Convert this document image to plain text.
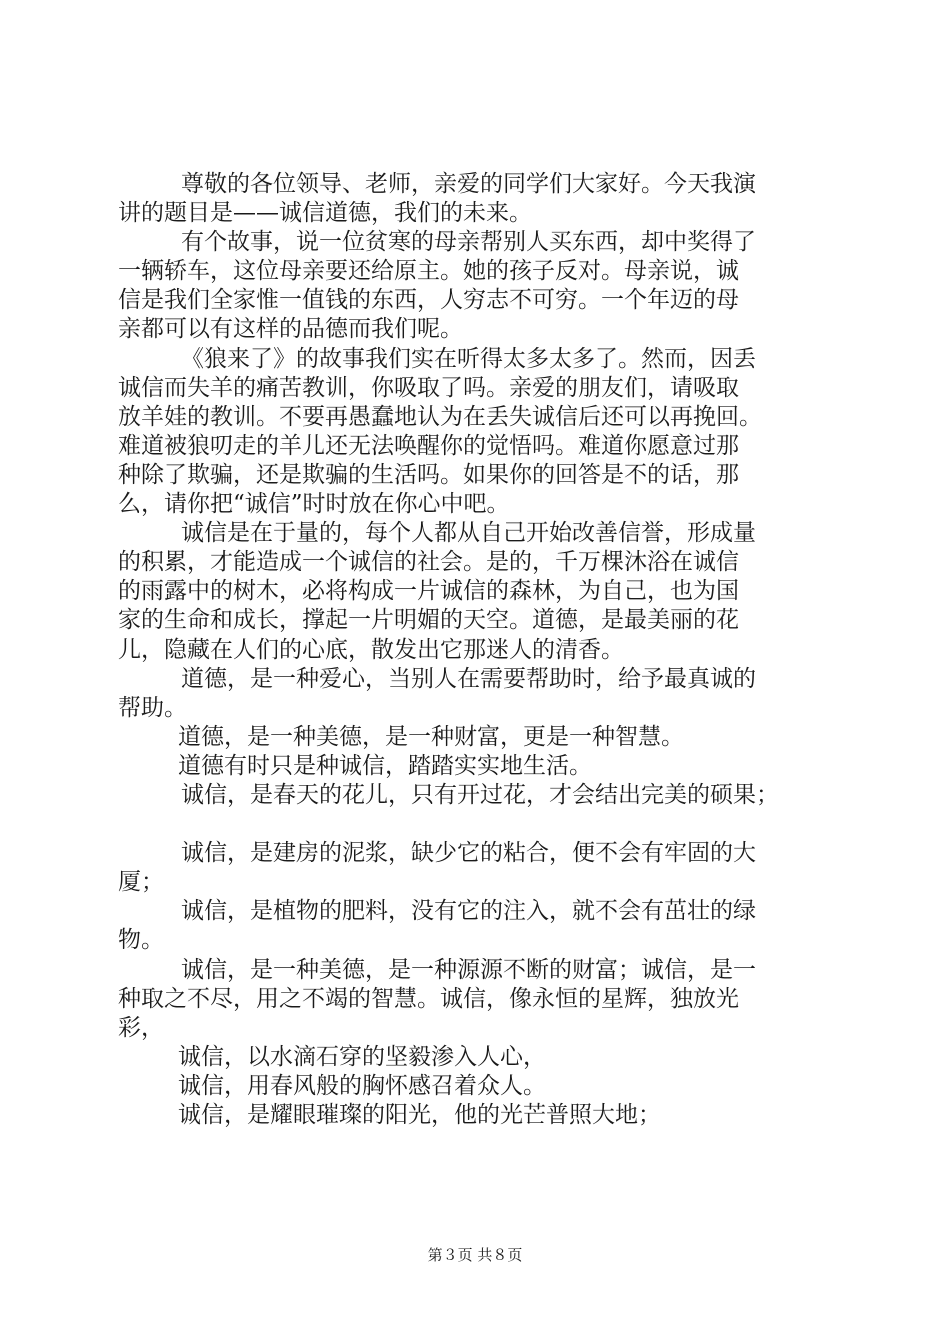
尊敬的各位领导、老师，亲爱的同学们大家好。今天我演
讲的题目是——诚信道德，我们的未来。
有个故事，说一位贫寒的母亲帮别人买东西，却中奖得了
一辆轿车，这位母亲要还给原主。她的孩子反对。母亲说，诚
信是我们全家惟一值钱的东西，人穷志不可穷。一个年迈的母
亲都可以有这样的品德而我们呢。
《狼来了》的故事我们实在听得太多太多了。然而，因丢
诚信而失羊的痛苦教训，你吸取了吗。亲爱的朋友们，请吸取
放羊娃的教训。不要再愚蠢地认为在丢失诚信后还可以再挽回。
难道被狼叨走的羊儿还无法唤醒你的觉悟吗。难道你愿意过那
种除了欺骗，还是欺骗的生活吗。如果你的回答是不的话，那
么，请你把“诚信”时时放在你心中吧。
诚信是在于量的，每个人都从自己开始改善信誉，形成量
的积累，才能造成一个诚信的社会。是的，千万棵沐浴在诚信
的雨露中的树木，必将构成一片诚信的森林，为自己，也为国
家的生命和成长，撑起一片明媚的天空。道德，是最美丽的花
儿，隐藏在人们的心底，散发出它那迷人的清香。
道德，是一种爱心，当别人在需要帮助时，给予最真诚的
帮助。
道德，是一种美德，是一种财富，更是一种智慧。
道德有时只是种诚信，踏踏实实地生活。
诚信，是春天的花儿，只有开过花，才会结出完美的硕果；
诚信，是建房的泥浆，缺少它的粘合，便不会有牢固的大
厦；
诚信，是植物的肥料，没有它的注入，就不会有茁壮的绿
物。
诚信，是一种美德，是一种源源不断的财富；诚信，是一
种取之不尽，用之不竭的智慧。诚信，像永恒的星辉，独放光
彩，
诚信，以水滴石穿的坚毅渗入人心，
诚信，用春风般的胸怀感召着众人。
诚信，是耀眼璀璨的阳光，他的光芒普照大地；
第３页 共８页
